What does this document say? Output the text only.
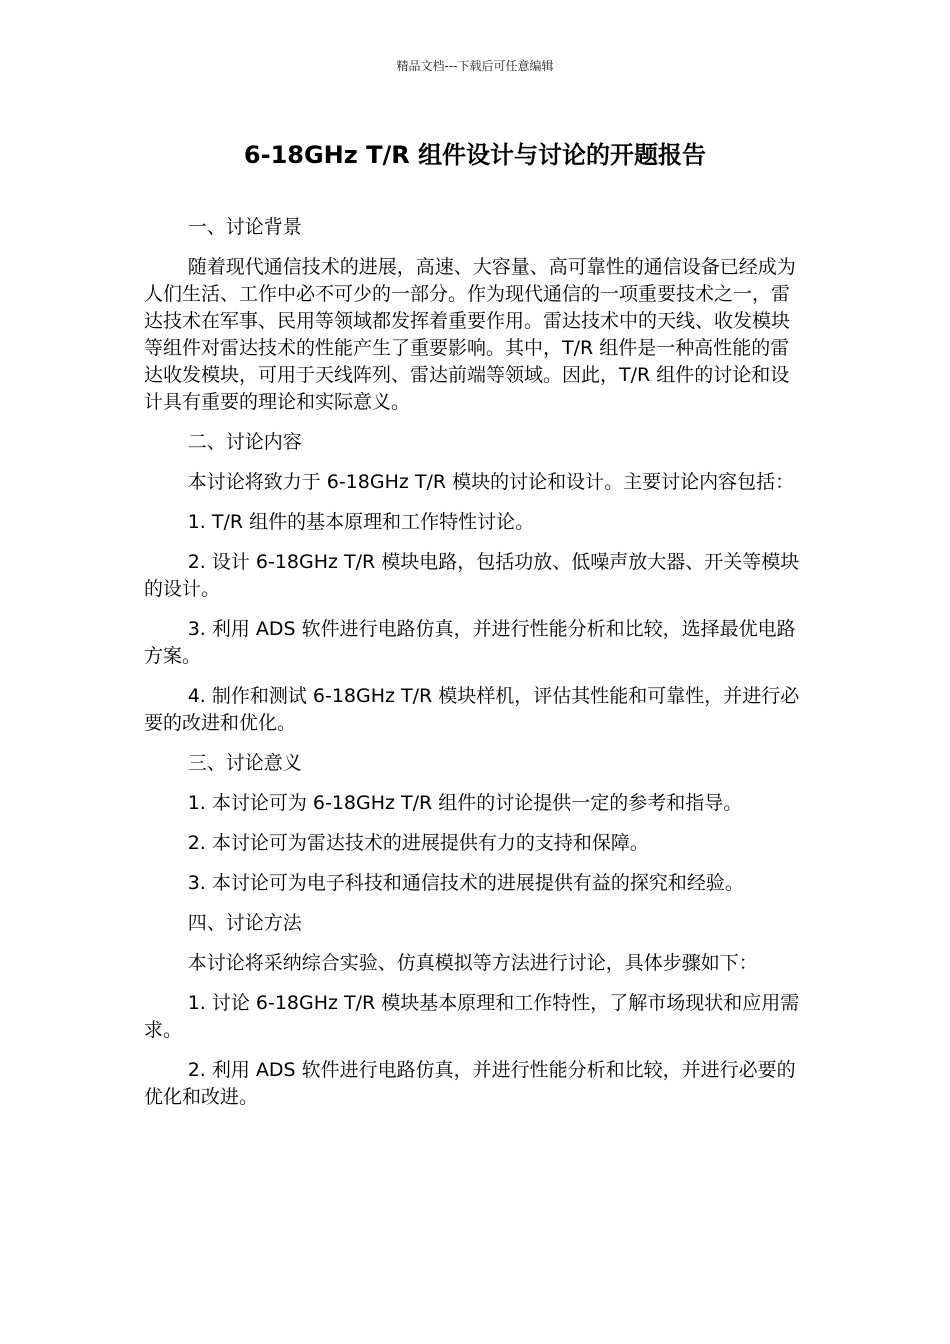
精品文档---下载后可任意编辑
6-18GHz T/R 组件设计与讨论的开题报告

一、讨论背景

随着现代通信技术的进展，高速、大容量、高可靠性的通信设备已经成为人们生活、工作中必不可少的一部分。作为现代通信的一项重要技术之一，雷达技术在军事、民用等领域都发挥着重要作用。雷达技术中的天线、收发模块等组件对雷达技术的性能产生了重要影响。其中，T/R 组件是一种高性能的雷达收发模块，可用于天线阵列、雷达前端等领域。因此，T/R 组件的讨论和设计具有重要的理论和实际意义。

二、讨论内容

本讨论将致力于 6-18GHz T/R 模块的讨论和设计。主要讨论内容包括：

1. T/R 组件的基本原理和工作特性讨论。

2. 设计 6-18GHz T/R 模块电路，包括功放、低噪声放大器、开关等模块的设计。

3. 利用 ADS 软件进行电路仿真，并进行性能分析和比较，选择最优电路方案。

4. 制作和测试 6-18GHz T/R 模块样机，评估其性能和可靠性，并进行必要的改进和优化。

三、讨论意义

1. 本讨论可为 6-18GHz T/R 组件的讨论提供一定的参考和指导。

2. 本讨论可为雷达技术的进展提供有力的支持和保障。

3. 本讨论可为电子科技和通信技术的进展提供有益的探究和经验。

四、讨论方法

本讨论将采纳综合实验、仿真模拟等方法进行讨论，具体步骤如下：

1. 讨论 6-18GHz T/R 模块基本原理和工作特性，了解市场现状和应用需求。

2. 利用 ADS 软件进行电路仿真，并进行性能分析和比较，并进行必要的优化和改进。
